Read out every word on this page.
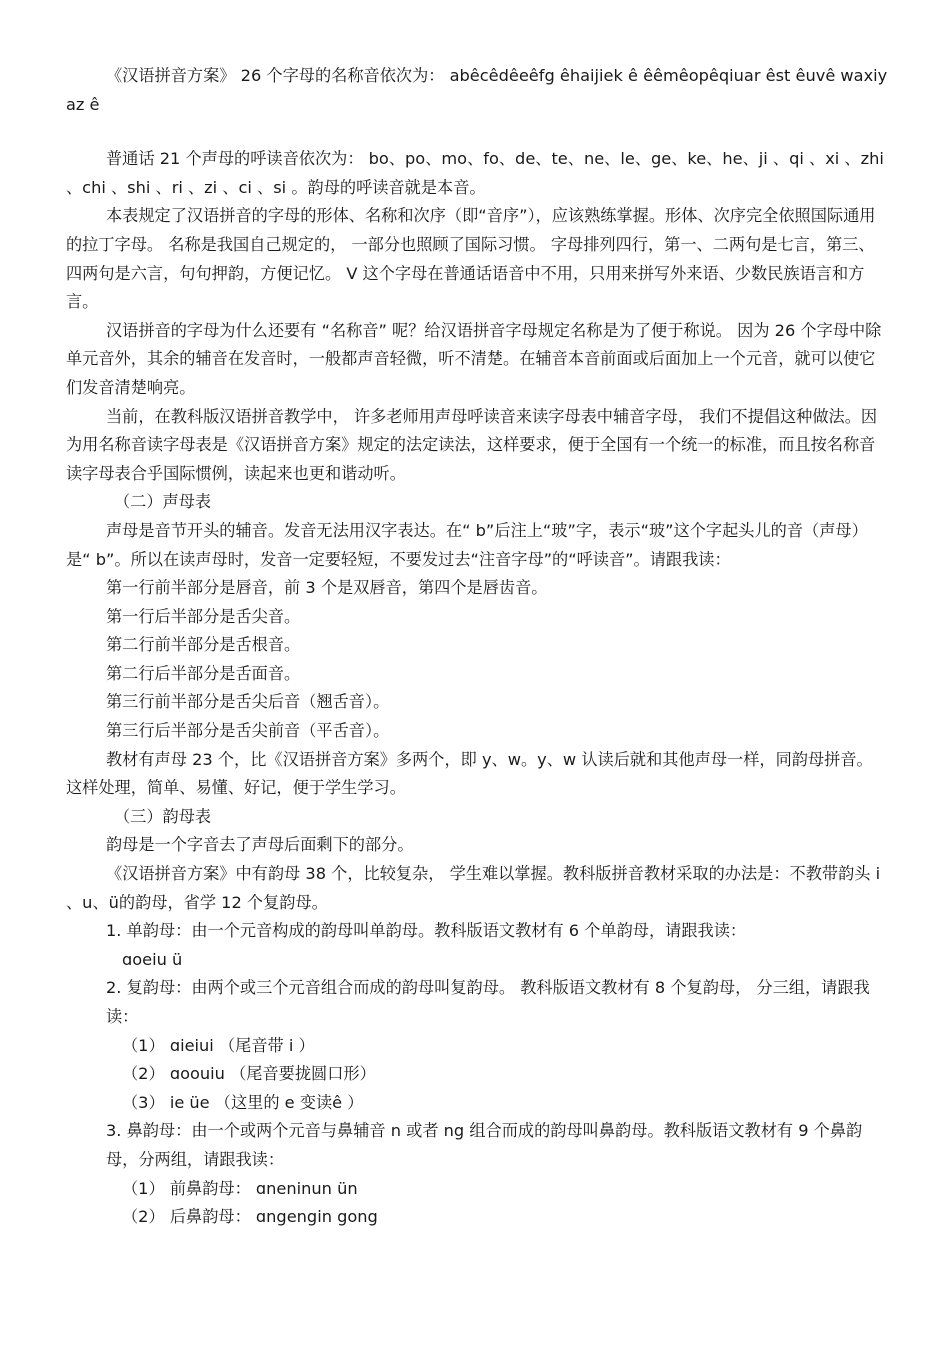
《汉语拼音方案》 26 个字母的名称音依次为： abêcêdêeêfg êhaijiek ê êêmêopêqiuar êst êuvê waxiyaz ê

普通话 21 个声母的呼读音依次为： bo、po、mo、fo、de、te、ne、le、ge、ke、he、ji 、qi 、xi 、zhi 、chi 、shi 、ri 、zi 、ci 、si 。韵母的呼读音就是本音。

本表规定了汉语拼音的字母的形体、名称和次序（即“音序”），应该熟练掌握。形体、次序完全依照国际通用的拉丁字母。 名称是我国自己规定的， 一部分也照顾了国际习惯。 字母排列四行，第一、二两句是七言，第三、四两句是六言，句句押韵，方便记忆。 V 这个字母在普通话语音中不用，只用来拼写外来语、少数民族语言和方言。

汉语拼音的字母为什么还要有 “名称音” 呢？给汉语拼音字母规定名称是为了便于称说。 因为 26 个字母中除单元音外，其余的辅音在发音时，一般都声音轻微，听不清楚。在辅音本音前面或后面加上一个元音，就可以使它们发音清楚响亮。

当前，在教科版汉语拼音教学中， 许多老师用声母呼读音来读字母表中辅音字母， 我们不提倡这种做法。因为用名称音读字母表是《汉语拼音方案》规定的法定读法，这样要求，便于全国有一个统一的标准，而且按名称音读字母表合乎国际惯例，读起来也更和谐动听。

（二）声母表

声母是音节开头的辅音。发音无法用汉字表达。在“ b”后注上“玻”字，表示“玻”这个字起头儿的音（声母）是“ b”。所以在读声母时，发音一定要轻短，不要发过去“注音字母”的“呼读音”。请跟我读：

第一行前半部分是唇音，前 3 个是双唇音，第四个是唇齿音。

第一行后半部分是舌尖音。

第二行前半部分是舌根音。

第二行后半部分是舌面音。

第三行前半部分是舌尖后音（翘舌音）。

第三行后半部分是舌尖前音（平舌音）。

教材有声母 23 个，比《汉语拼音方案》多两个，即 y、w。y、w 认读后就和其他声母一样，同韵母拼音。这样处理，简单、易懂、好记，便于学生学习。

（三）韵母表

韵母是一个字音去了声母后面剩下的部分。

《汉语拼音方案》中有韵母 38 个，比较复杂， 学生难以掌握。教科版拼音教材采取的办法是：不教带韵头 i 、u、ü的韵母，省学 12 个复韵母。

1. 单韵母：由一个元音构成的韵母叫单韵母。教科版语文教材有 6 个单韵母，请跟我读：

ɑoeiu ü

2. 复韵母：由两个或三个元音组合而成的韵母叫复韵母。 教科版语文教材有 8 个复韵母， 分三组，请跟我读：

（1） ɑieiui （尾音带 i ）

（2） ɑoouiu （尾音要拢圆口形）

（3） ie üe （这里的 e 变读ê ）

3. 鼻韵母：由一个或两个元音与鼻辅音 n 或者 ng 组合而成的韵母叫鼻韵母。教科版语文教材有 9 个鼻韵母，分两组，请跟我读：

（1） 前鼻韵母： ɑneninun ün

（2） 后鼻韵母： ɑngengin gong
